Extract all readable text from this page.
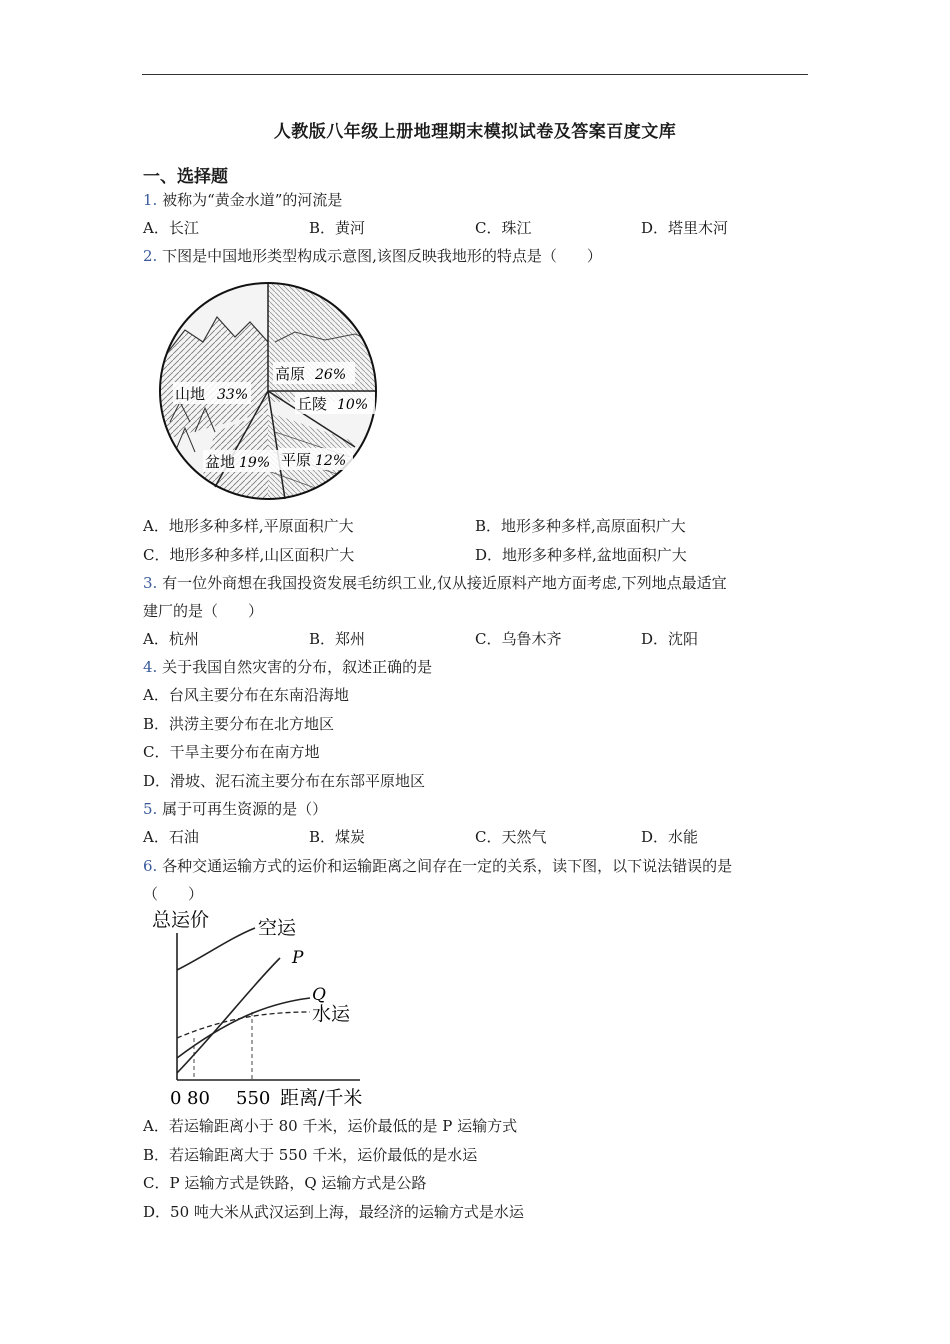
人教版八年级上册地理期末模拟试卷及答案百度文库
一、选择题
1. 被称为“黄金水道”的河流是
A．长江	B．黄河	C．珠江	D．塔里木河
2. 下图是中国地形类型构成示意图,该图反映我地形的特点是（　　）
高原 26%
山地 33%	丘陵 10%
盆地 19% 平原 12%
A．地形多种多样,平原面积广大	B．地形多种多样,高原面积广大
C．地形多种多样,山区面积广大	D．地形多种多样,盆地面积广大
3. 有一位外商想在我国投资发展毛纺织工业,仅从接近原料产地方面考虑,下列地点最适宜
建厂的是（　　）
A．杭州	B．郑州	C．乌鲁木齐	D．沈阳
4. 关于我国自然灾害的分布，叙述正确的是
A．台风主要分布在东南沿海地
B．洪涝主要分布在北方地区
C．干旱主要分布在南方地
D．滑坡、泥石流主要分布在东部平原地区
5. 属于可再生资源的是（）
A．石油	B．煤炭	C．天然气	D．水能
6. 各种交通运输方式的运价和运输距离之间存在一定的关系，读下图，以下说法错误的是
（　　）
总运价	空运
P
Q
水运
0 80 550 距离/千米
A．若运输距离小于 80 千米，运价最低的是 P 运输方式
B．若运输距离大于 550 千米，运价最低的是水运
C．P 运输方式是铁路，Q 运输方式是公路
D．50 吨大米从武汉运到上海，最经济的运输方式是水运
